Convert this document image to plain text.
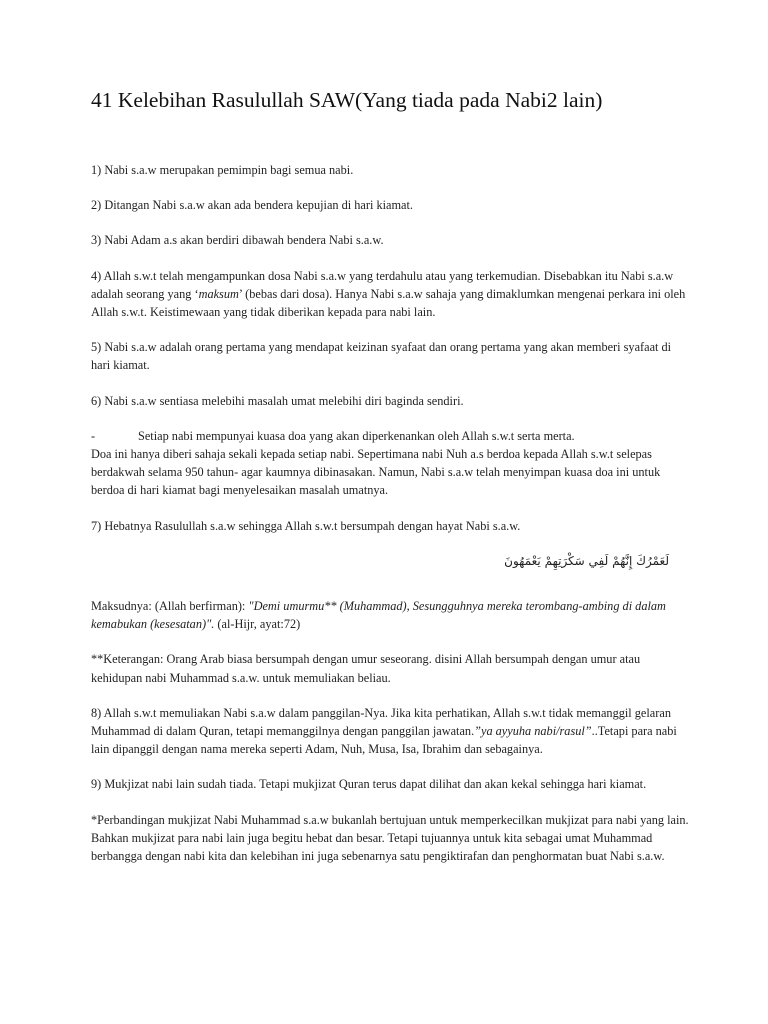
41 Kelebihan Rasulullah SAW(Yang tiada pada Nabi2 lain)

1) Nabi s.a.w merupakan pemimpin bagi semua nabi.

2) Ditangan Nabi s.a.w akan ada bendera kepujian di hari kiamat.

3) Nabi Adam a.s akan berdiri dibawah bendera Nabi s.a.w.

4) Allah s.w.t telah mengampunkan dosa Nabi s.a.w yang terdahulu atau yang terkemudian. Disebabkan itu Nabi s.a.w adalah seorang yang ‘maksum’ (bebas dari dosa). Hanya Nabi s.a.w sahaja yang dimaklumkan mengenai perkara ini oleh Allah s.w.t. Keistimewaan yang tidak diberikan kepada para nabi lain.

5) Nabi s.a.w adalah orang pertama yang mendapat keizinan syafaat dan orang pertama yang akan memberi syafaat di hari kiamat.

6) Nabi s.a.w sentiasa melebihi masalah umat melebihi diri baginda sendiri.

-	Setiap nabi mempunyai kuasa doa yang akan diperkenankan oleh Allah s.w.t serta merta.

Doa ini hanya diberi sahaja sekali kepada setiap nabi. Sepertimana nabi Nuh a.s berdoa kepada Allah s.w.t selepas berdakwah selama 950 tahun- agar kaumnya dibinasakan. Namun, Nabi s.a.w telah menyimpan kuasa doa ini untuk berdoa di hari kiamat bagi menyelesaikan masalah umatnya.

7) Hebatnya Rasulullah s.a.w sehingga Allah s.w.t bersumpah dengan hayat Nabi s.a.w.

لَعَمْرُكَ إِنَّهُمْ لَفِي سَكْرَتِهِمْ يَعْمَهُونَ

Maksudnya: (Allah berfirman): "Demi umurmu** (Muhammad), Sesungguhnya mereka terombang-ambing di dalam kemabukan (kesesatan)". (al-Hijr, ayat:72)

**Keterangan: Orang Arab biasa bersumpah dengan umur seseorang. disini Allah bersumpah dengan umur atau kehidupan nabi Muhammad s.a.w. untuk memuliakan beliau.

8) Allah s.w.t memuliakan Nabi s.a.w dalam panggilan-Nya. Jika kita perhatikan, Allah s.w.t tidak memanggil gelaran Muhammad di dalam Quran, tetapi memanggilnya dengan panggilan jawatan.”ya ayyuha nabi/rasul”..Tetapi para nabi lain dipanggil dengan nama mereka seperti Adam, Nuh, Musa, Isa, Ibrahim dan sebagainya.

9) Mukjizat nabi lain sudah tiada. Tetapi mukjizat Quran terus dapat dilihat dan akan kekal sehingga hari kiamat.

*Perbandingan mukjizat Nabi Muhammad s.a.w bukanlah bertujuan untuk memperkecilkan mukjizat para nabi yang lain. Bahkan mukjizat para nabi lain juga begitu hebat dan besar. Tetapi tujuannya untuk kita sebagai umat Muhammad berbangga dengan nabi kita dan kelebihan ini juga sebenarnya satu pengiktirafan dan penghormatan buat Nabi s.a.w.
